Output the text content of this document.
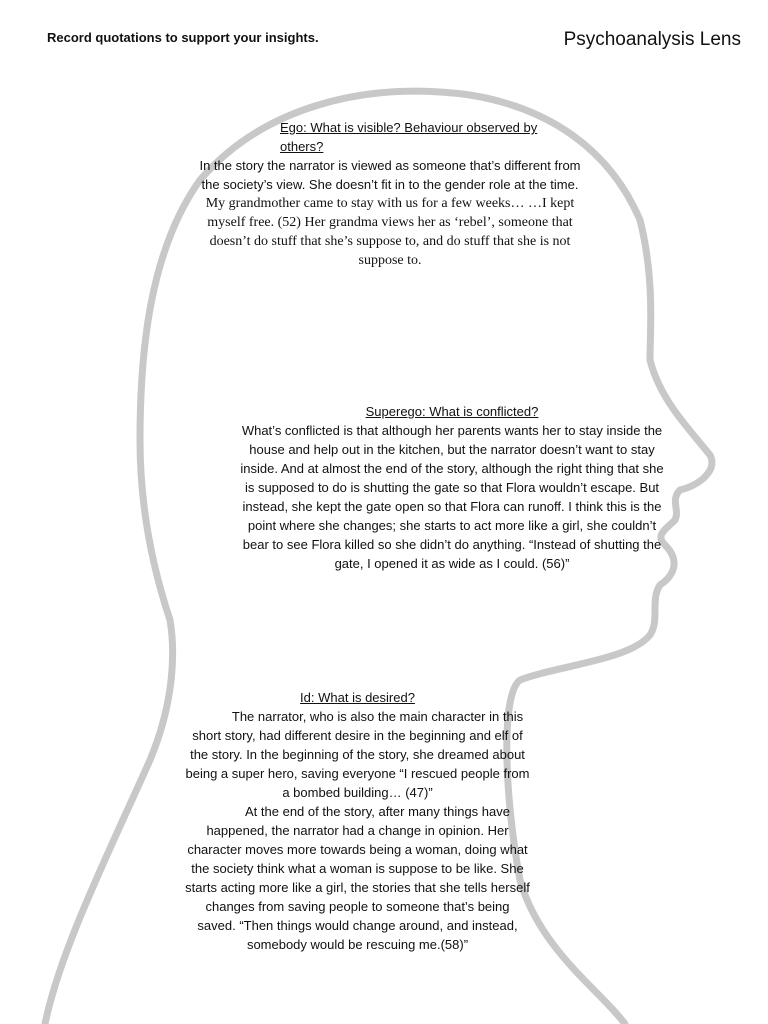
Record quotations to support your insights.	Psychoanalysis Lens
Ego: What is visible? Behaviour observed by others?

In the story the narrator is viewed as someone that’s different from the society’s view. She doesn’t fit in to the gender role at the time.

My grandmother came to stay with us for a few weeks… …I kept myself free. (52) Her grandma views her as ‘rebel’, someone that doesn’t do stuff that she’s suppose to, and do stuff that she is not suppose to.

Superego: What is conflicted?

What’s conflicted is that although her parents wants her to stay inside the house and help out in the kitchen, but the narrator doesn’t want to stay inside. And at almost the end of the story, although the right thing that she is supposed to do is shutting the gate so that Flora wouldn’t escape. But instead, she kept the gate open so that Flora can runoff. I think this is the point where she changes; she starts to act more like a girl, she couldn’t bear to see Flora killed so she didn’t do anything. “Instead of shutting the gate, I opened it as wide as I could. (56)”

Id: What is desired?

The narrator, who is also the main character in this short story, had different desire in the beginning and elf of the story. In the beginning of the story, she dreamed about being a super hero, saving everyone “I rescued people from a bombed building… (47)”

At the end of the story, after many things have happened, the narrator had a change in opinion. Her character moves more towards being a woman, doing what the society think what a woman is suppose to be like. She starts acting more like a girl, the stories that she tells herself changes from saving people to someone that’s being saved. “Then things would change around, and instead, somebody would be rescuing me.(58)”
